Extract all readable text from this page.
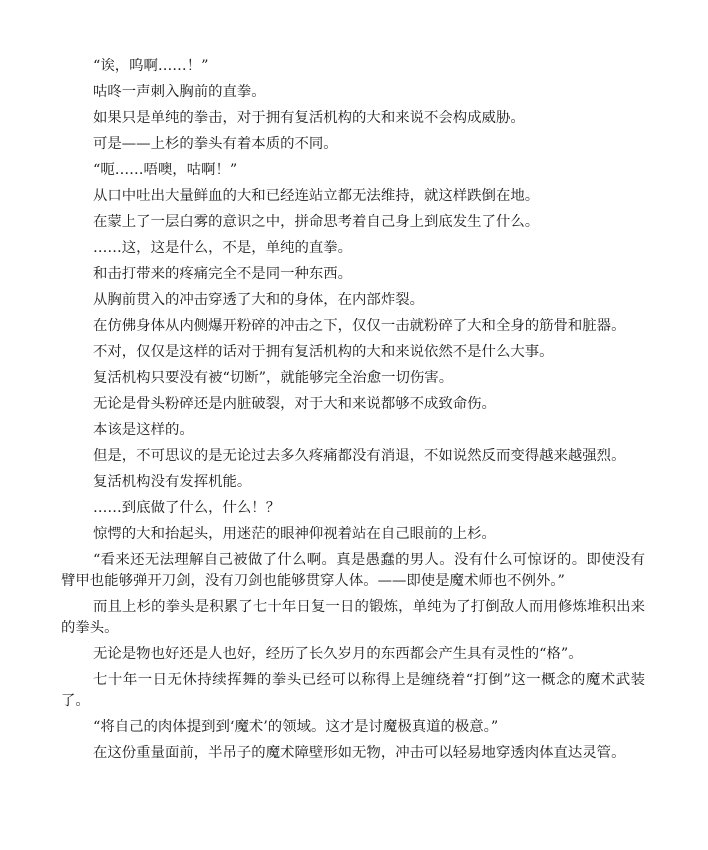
“诶，呜啊……！”

咕咚一声刺入胸前的直拳。

如果只是单纯的拳击，对于拥有复活机构的大和来说不会构成威胁。

可是——上杉的拳头有着本质的不同。

“呃……唔噢，咕啊！”

从口中吐出大量鲜血的大和已经连站立都无法维持，就这样跌倒在地。

在蒙上了一层白雾的意识之中，拼命思考着自己身上到底发生了什么。

……这，这是什么，不是，单纯的直拳。

和击打带来的疼痛完全不是同一种东西。

从胸前贯入的冲击穿透了大和的身体，在内部炸裂。

在仿佛身体从内侧爆开粉碎的冲击之下，仅仅一击就粉碎了大和全身的筋骨和脏器。

不对，仅仅是这样的话对于拥有复活机构的大和来说依然不是什么大事。

复活机构只要没有被“切断”，就能够完全治愈一切伤害。

无论是骨头粉碎还是内脏破裂，对于大和来说都够不成致命伤。

本该是这样的。

但是，不可思议的是无论过去多久疼痛都没有消退，不如说然反而变得越来越强烈。

复活机构没有发挥机能。

……到底做了什么，什么！？

惊愕的大和抬起头，用迷茫的眼神仰视着站在自己眼前的上杉。

“看来还无法理解自己被做了什么啊。真是愚蠢的男人。没有什么可惊讶的。即使没有臂甲也能够弹开刀剑，没有刀剑也能够贯穿人体。——即使是魔术师也不例外。”

而且上杉的拳头是积累了七十年日复一日的锻炼，单纯为了打倒敌人而用修炼堆积出来的拳头。

无论是物也好还是人也好，经历了长久岁月的东西都会产生具有灵性的“格”。

七十年一日无休持续挥舞的拳头已经可以称得上是缠绕着“打倒”这一概念的魔术武装了。

“将自己的肉体提到到‘魔术’的领域。这才是讨魔极真道的极意。”

在这份重量面前，半吊子的魔术障壁形如无物，冲击可以轻易地穿透肉体直达灵管。
